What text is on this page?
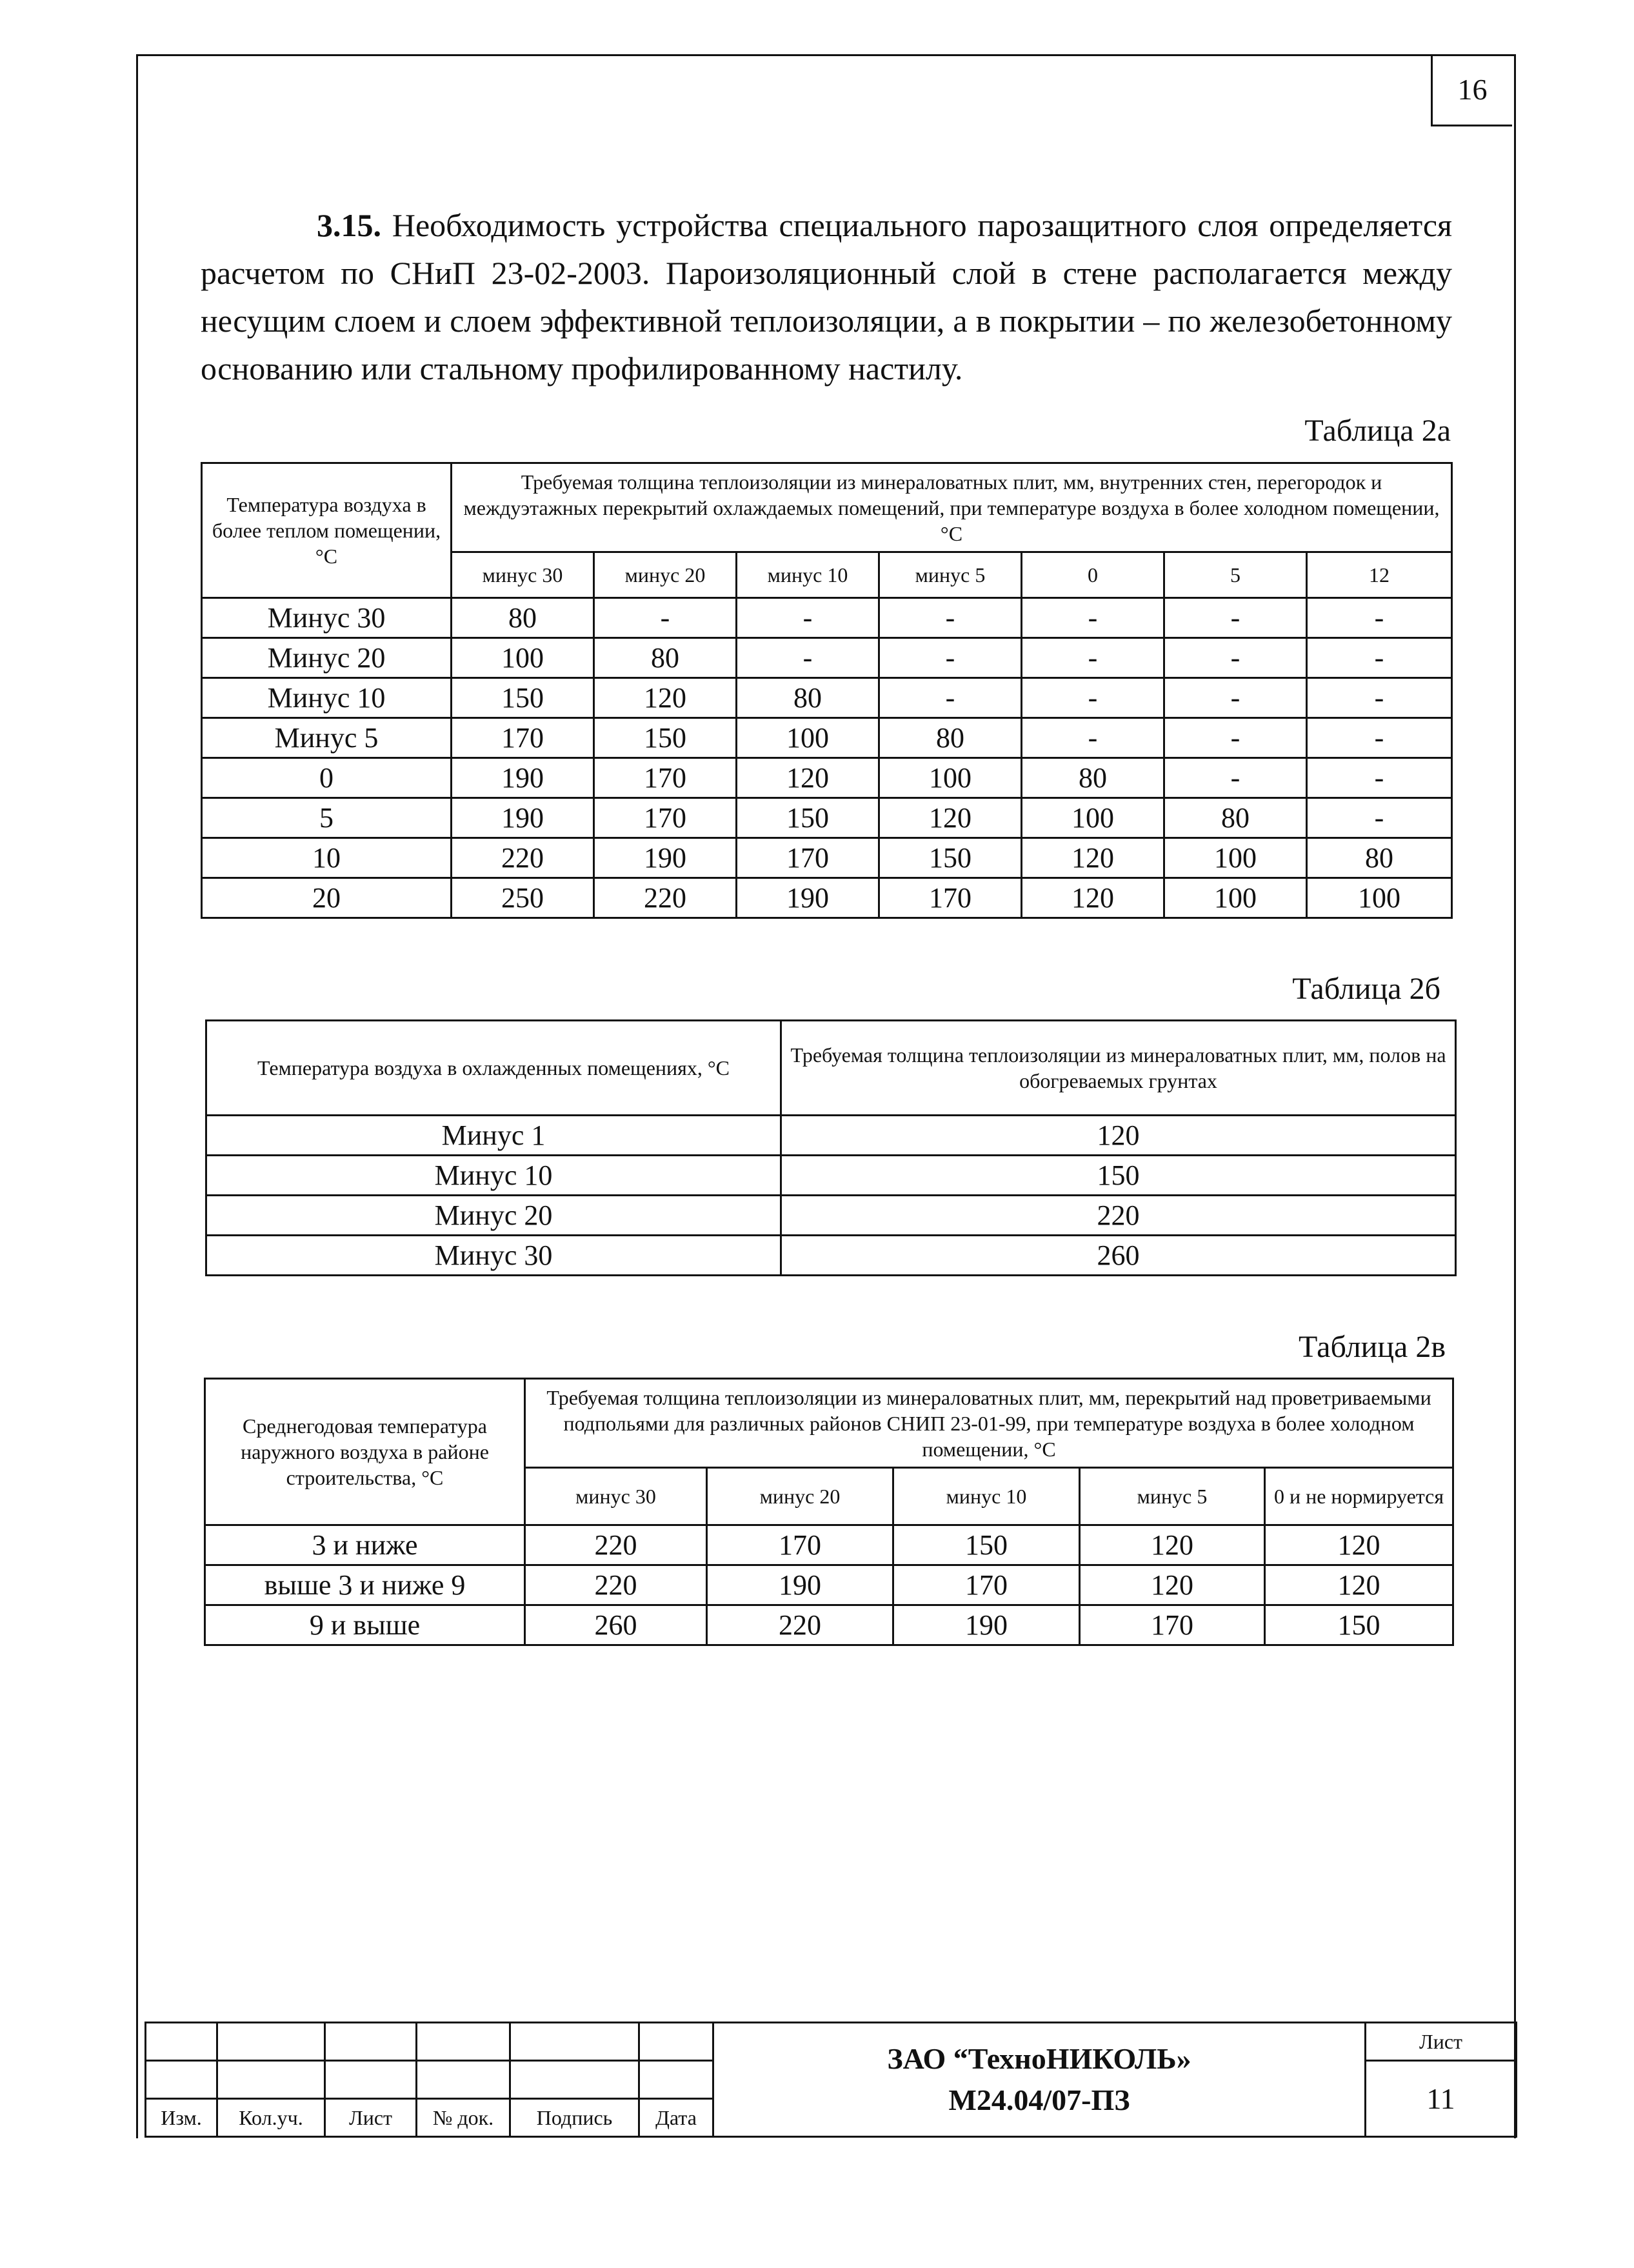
16

3.15. Необходимость устройства специального парозащитного слоя определяется расчетом по СНиП 23-02-2003. Пароизоляционный слой в стене располагается между несущим слоем и слоем эффективной теплоизоляции, а в покрытии – по железобетонному основанию или стальному профилированному настилу.

Таблица 2а
Температура воздуха в более теплом помещении, °С	Требуемая толщина теплоизоляции из минераловатных плит, мм, внутренних стен, перегородок и междуэтажных перекрытий охлаждаемых помещений, при температуре воздуха в более холодном помещении, °С						
	минус 30	минус 20	минус 10	минус 5	0	5	12
Минус 30	80	-	-	-	-	-	-
Минус 20	100	80	-	-	-	-	-
Минус 10	150	120	80	-	-	-	-
Минус 5	170	150	100	80	-	-	-
0	190	170	120	100	80	-	-
5	190	170	150	120	100	80	-
10	220	190	170	150	120	100	80
20	250	220	190	170	120	100	100
Таблица 2б
Температура воздуха в охлажденных помещениях, °С	Требуемая толщина теплоизоляции из минераловатных плит, мм, полов на обогреваемых грунтах
Минус 1	120
Минус 10	150
Минус 20	220
Минус 30	260
Таблица 2в
Среднегодовая температура наружного воздуха в районе строительства, °С	Требуемая толщина теплоизоляции из минераловатных плит, мм, перекрытий над проветриваемыми подпольями для различных районов СНИП 23-01-99, при температуре воздуха в более холодном помещении, °С				
	минус 30	минус 20	минус 10	минус 5	0 и не нормируется
3 и ниже	220	170	150	120	120
выше 3 и ниже 9	220	190	170	120	120
9 и выше	260	220	190	170	150

						ЗАО “ТехноНИКОЛЬ»
М24.04/07-ПЗ	Лист
							11
Изм.	Кол.уч.	Лист	№ док.	Подпись	Дата		
